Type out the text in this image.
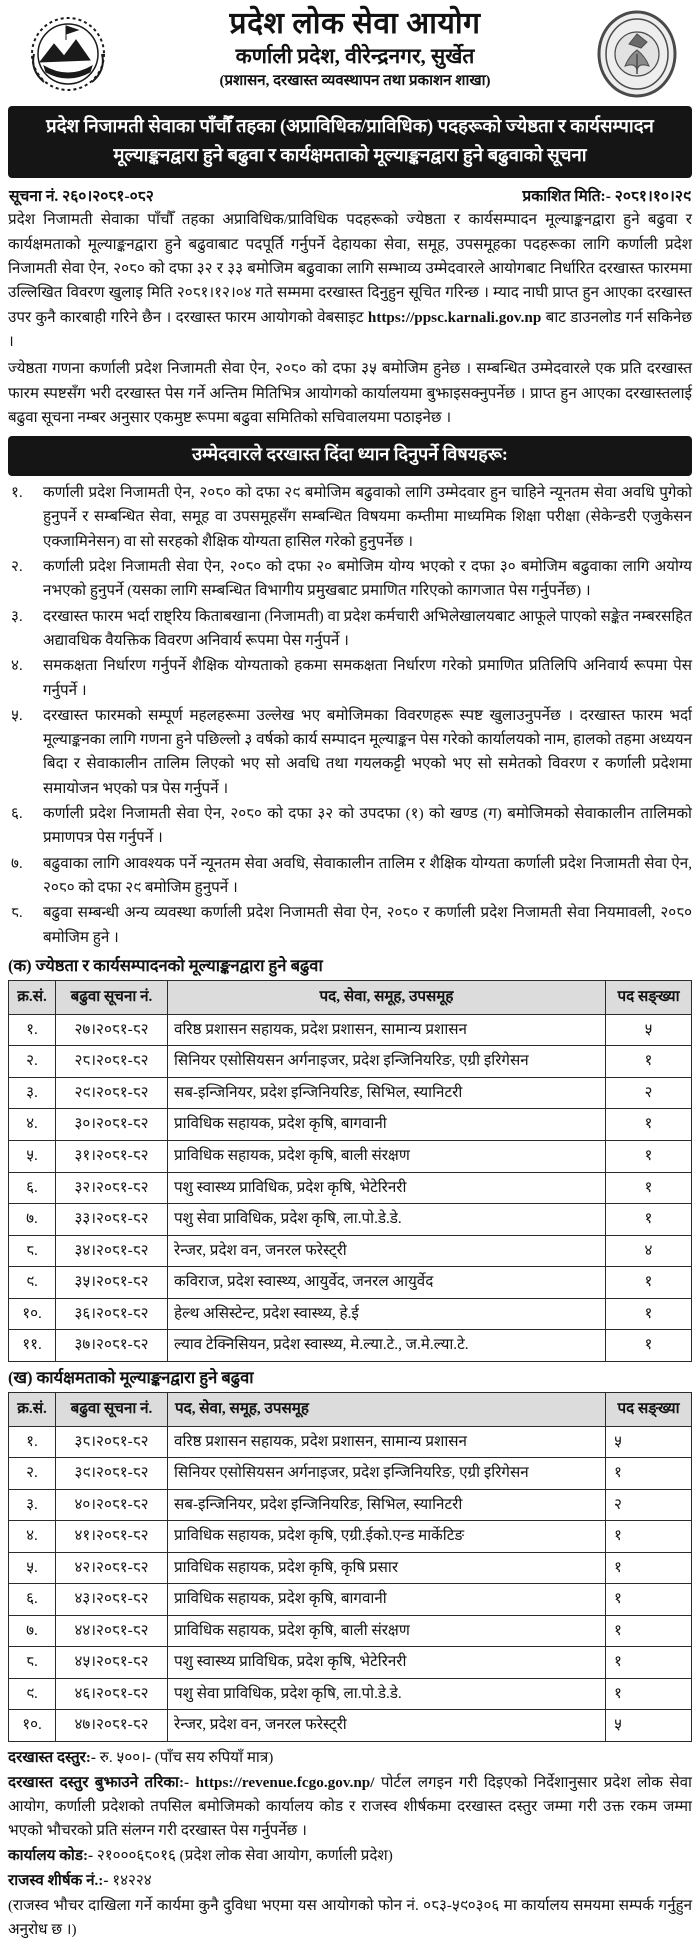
प्रदेश लोक सेवा आयोग
कर्णाली प्रदेश, वीरेन्द्रनगर, सुर्खेत
(प्रशासन, दरखास्त व्यवस्थापन तथा प्रकाशन शाखा)
प्रदेश निजामती सेवाका पाँचौँ तहका (अप्राविधिक/प्राविधिक) पदहरूको ज्येष्ठता र कार्यसम्पादन
मूल्याङ्कनद्वारा हुने बढुवा र कार्यक्षमताको मूल्याङ्कनद्वारा हुने बढुवाको सूचना
सूचना नं. २६०।२०८१-०८२	प्रकाशित मिति:- २०८१।१०।२९

प्रदेश निजामती सेवाका पाँचौँ तहका अप्राविधिक/प्राविधिक पदहरूको ज्येष्ठता र कार्यसम्पादन मूल्याङ्कनद्वारा हुने बढुवा र कार्यक्षमताको मूल्याङ्कनद्वारा हुने बढुवाबाट पदपूर्ति गर्नुपर्ने देहायका सेवा, समूह, उपसमूहका पदहरूका लागि कर्णाली प्रदेश निजामती सेवा ऐन, २०८० को दफा ३२ र ३३ बमोजिम बढुवाका लागि सम्भाव्य उम्मेदवारले आयोगबाट निर्धारित दरखास्त फारममा उल्लिखित विवरण खुलाइ मिति २०८१।१२।०४ गते सम्ममा दरखास्त दिनुहुन सूचित गरिन्छ । म्याद नाघी प्राप्त हुन आएका दरखास्त उपर कुनै कारबाही गरिने छैन । दरखास्त फारम आयोगको वेबसाइट https://ppsc.karnali.gov.np बाट डाउनलोड गर्न सकिनेछ ।

ज्येष्ठता गणना कर्णाली प्रदेश निजामती सेवा ऐन, २०८० को दफा ३५ बमोजिम हुनेछ । सम्बन्धित उम्मेदवारले एक प्रति दरखास्त फारम स्पष्टसँग भरी दरखास्त पेस गर्ने अन्तिम मितिभित्र आयोगको कार्यालयमा बुझाइसक्नुपर्नेछ । प्राप्त हुन आएका दरखास्तलाई बढुवा सूचना नम्बर अनुसार एकमुष्ट रूपमा बढुवा समितिको सचिवालयमा पठाइनेछ ।

उम्मेदवारले दरखास्त दिंदा ध्यान दिनुपर्ने विषयहरू:
१.	कर्णाली प्रदेश निजामती ऐन, २०८० को दफा २९ बमोजिम बढुवाको लागि उम्मेदवार हुन चाहिने न्यूनतम सेवा अवधि पुगेको हुनुपर्ने र सम्बन्धित सेवा, समूह वा उपसमूहसँग सम्बन्धित विषयमा कम्तीमा माध्यमिक शिक्षा परीक्षा (सेकेन्डरी एजुकेसन एक्जामिनेसन) वा सो सरहको शैक्षिक योग्यता हासिल गरेको हुनुपर्नेछ ।
२.	कर्णाली प्रदेश निजामती सेवा ऐन, २०८० को दफा २० बमोजिम योग्य भएको र दफा ३० बमोजिम बढुवाका लागि अयोग्य नभएको हुनुपर्ने (यसका लागि सम्बन्धित विभागीय प्रमुखबाट प्रमाणित गरिएको कागजात पेस गर्नुपर्नेछ) ।
३.	दरखास्त फारम भर्दा राष्ट्रिय किताबखाना (निजामती) वा प्रदेश कर्मचारी अभिलेखालयबाट आफूले पाएको सङ्केत नम्बरसहित अद्यावधिक वैयक्तिक विवरण अनिवार्य रूपमा पेस गर्नुपर्ने ।
४.	समकक्षता निर्धारण गर्नुपर्ने शैक्षिक योग्यताको हकमा समकक्षता निर्धारण गरेको प्रमाणित प्रतिलिपि अनिवार्य रूपमा पेस गर्नुपर्ने ।
५.	दरखास्त फारमको सम्पूर्ण महलहरूमा उल्लेख भए बमोजिमका विवरणहरू स्पष्ट खुलाउनुपर्नेछ । दरखास्त फारम भर्दा मूल्याङ्कनका लागि गणना हुने पछिल्लो ३ वर्षको कार्य सम्पादन मूल्याङ्कन पेस गरेको कार्यालयको नाम, हालको तहमा अध्ययन बिदा र सेवाकालीन तालिम लिएको भए सो अवधि तथा गयलकट्टी भएको भए सो समेतको विवरण र कर्णाली प्रदेशमा समायोजन भएको पत्र पेस गर्नुपर्ने ।
६.	कर्णाली प्रदेश निजामती सेवा ऐन, २०८० को दफा ३२ को उपदफा (१) को खण्ड (ग) बमोजिमको सेवाकालीन तालिमको प्रमाणपत्र पेस गर्नुपर्ने ।
७.	बढुवाका लागि आवश्यक पर्ने न्यूनतम सेवा अवधि, सेवाकालीन तालिम र शैक्षिक योग्यता कर्णाली प्रदेश निजामती सेवा ऐन, २०८० को दफा २९ बमोजिम हुनुपर्ने ।
८.	बढुवा सम्बन्धी अन्य व्यवस्था कर्णाली प्रदेश निजामती सेवा ऐन, २०८० र कर्णाली प्रदेश निजामती सेवा नियमावली, २०८० बमोजिम हुने ।
(क) ज्येष्ठता र कार्यसम्पादनको मूल्याङ्कनद्वारा हुने बढुवा
क्र.सं.	बढुवा सूचना नं.	पद, सेवा, समूह, उपसमूह	पद सङ्ख्या
१.	२७।२०८१-८२	वरिष्ठ प्रशासन सहायक, प्रदेश प्रशासन, सामान्य प्रशासन	५
२.	२८।२०८१-८२	सिनियर एसोसियसन अर्गनाइजर, प्रदेश इन्जिनियरिङ, एग्री इरिगेसन	१
३.	२९।२०८१-८२	सब-इन्जिनियर, प्रदेश इन्जिनियरिङ, सिभिल, स्यानिटरी	२
४.	३०।२०८१-८२	प्राविधिक सहायक, प्रदेश कृषि, बागवानी	१
५.	३१।२०८१-८२	प्राविधिक सहायक, प्रदेश कृषि, बाली संरक्षण	१
६.	३२।२०८१-८२	पशु स्वास्थ्य प्राविधिक, प्रदेश कृषि, भेटेरिनरी	१
७.	३३।२०८१-८२	पशु सेवा प्राविधिक, प्रदेश कृषि, ला.पो.डे.डे.	१
८.	३४।२०८१-८२	रेन्जर, प्रदेश वन, जनरल फरेस्ट्री	४
९.	३५।२०८१-८२	कविराज, प्रदेश स्वास्थ्य, आयुर्वेद, जनरल आयुर्वेद	१
१०.	३६।२०८१-८२	हेल्थ असिस्टेन्ट, प्रदेश स्वास्थ्य, हे.ई	१
११.	३७।२०८१-८२	ल्याव टेक्निसियन, प्रदेश स्वास्थ्य, मे.ल्या.टे., ज.मे.ल्या.टे.	१
(ख) कार्यक्षमताको मूल्याङ्कनद्वारा हुने बढुवा
क्र.सं.	बढुवा सूचना नं.	पद, सेवा, समूह, उपसमूह	पद सङ्ख्या
१.	३८।२०८१-८२	वरिष्ठ प्रशासन सहायक, प्रदेश प्रशासन, सामान्य प्रशासन	५
२.	३९।२०८१-८२	सिनियर एसोसियसन अर्गनाइजर, प्रदेश इन्जिनियरिङ, एग्री इरिगेसन	१
३.	४०।२०८१-८२	सब-इन्जिनियर, प्रदेश इन्जिनियरिङ, सिभिल, स्यानिटरी	२
४.	४१।२०८१-८२	प्राविधिक सहायक, प्रदेश कृषि, एग्री.ईको.एन्ड मार्केटिङ	१
५.	४२।२०८१-८२	प्राविधिक सहायक, प्रदेश कृषि, कृषि प्रसार	१
६.	४३।२०८१-८२	प्राविधिक सहायक, प्रदेश कृषि, बागवानी	१
७.	४४।२०८१-८२	प्राविधिक सहायक, प्रदेश कृषि, बाली संरक्षण	१
८.	४५।२०८१-८२	पशु स्वास्थ्य प्राविधिक, प्रदेश कृषि, भेटेरिनरी	१
९.	४६।२०८१-८२	पशु सेवा प्राविधिक, प्रदेश कृषि, ला.पो.डे.डे.	१
१०.	४७।२०८१-८२	रेन्जर, प्रदेश वन, जनरल फरेस्ट्री	५
दरखास्त दस्तुर:- रु. ५००।- (पाँच सय रुपियाँ मात्र)
दरखास्त दस्तुर बुझाउने तरिका:- https://revenue.fcgo.gov.np/ पोर्टल लगइन गरी दिइएको निर्देशानुसार प्रदेश लोक सेवा आयोग, कर्णाली प्रदेशको तपसिल बमोजिमको कार्यालय कोड र राजस्व शीर्षकमा दरखास्त दस्तुर जम्मा गरी उक्त रकम जम्मा भएको भौचरको प्रति संलग्न गरी दरखास्त पेस गर्नुपर्नेछ ।
कार्यालय कोड:- २१०००६८०१६ (प्रदेश लोक सेवा आयोग, कर्णाली प्रदेश)
राजस्व शीर्षक नं.:- १४२२४
(राजस्व भौचर दाखिला गर्ने कार्यमा कुनै दुविधा भएमा यस आयोगको फोन नं. ०८३-५९०३०६ मा कार्यालय समयमा सम्पर्क गर्नुहुन अनुरोध छ ।)
